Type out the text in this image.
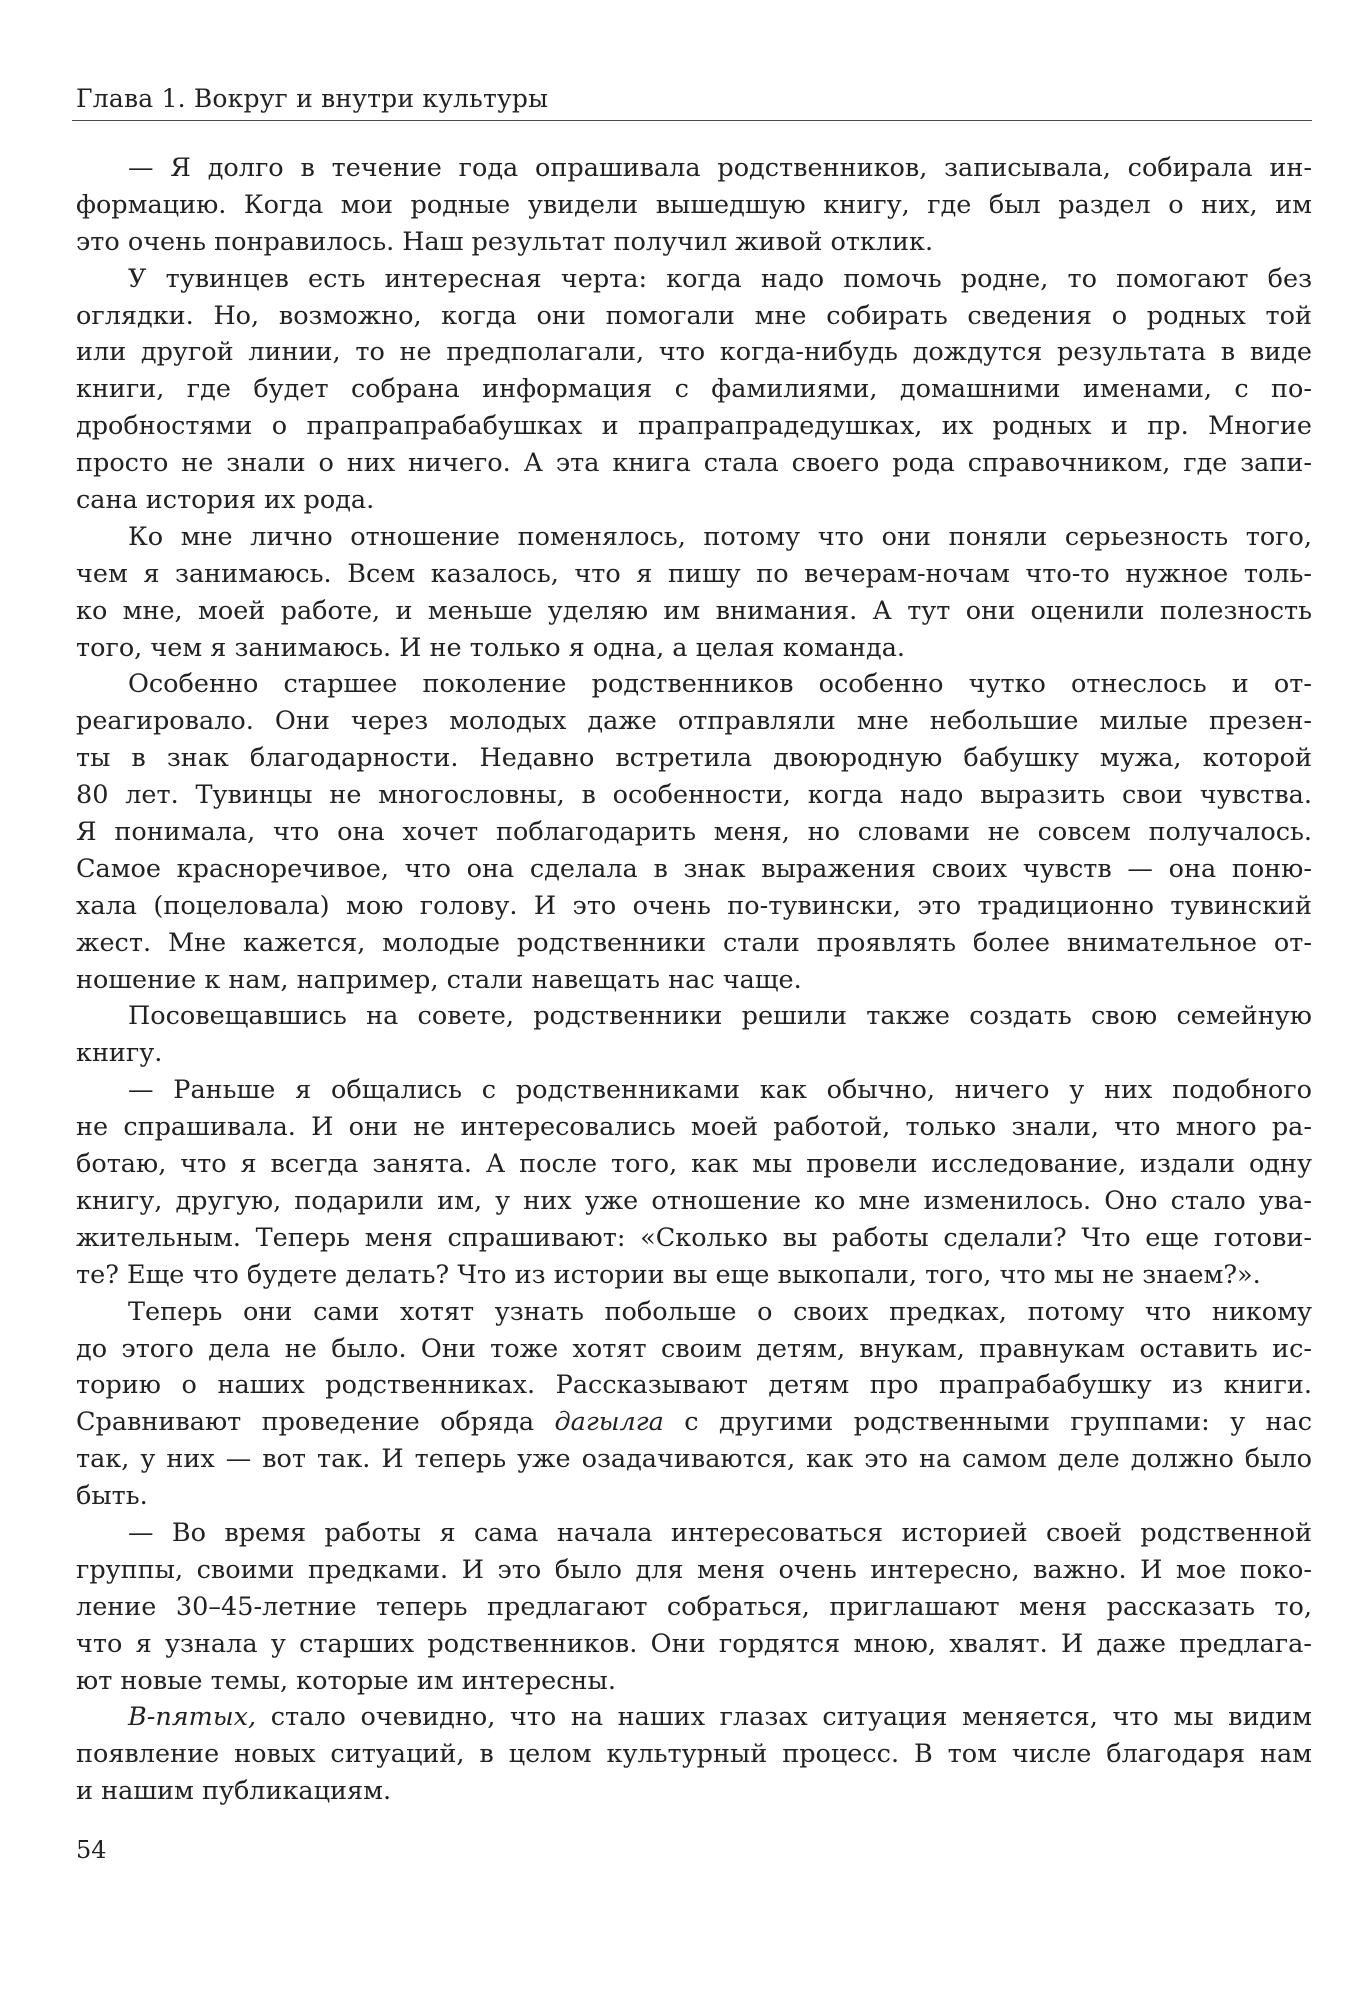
Глава 1. Вокруг и внутри культуры
— Я долго в течение года опрашивала родственников, записывала, собирала ин-
формацию. Когда мои родные увидели вышедшую книгу, где был раздел о них, им
это очень понравилось. Наш результат получил живой отклик.
У тувинцев есть интересная черта: когда надо помочь родне, то помогают без
оглядки. Но, возможно, когда они помогали мне собирать сведения о родных той
или другой линии, то не предполагали, что когда-нибудь дождутся результата в виде
книги, где будет собрана информация с фамилиями, домашними именами, с по-
дробностями о прапрапрабабушках и прапрапрадедушках, их родных и пр. Многие
просто не знали о них ничего. А эта книга стала своего рода справочником, где запи-
сана история их рода.
Ко мне лично отношение поменялось, потому что они поняли серьезность того,
чем я занимаюсь. Всем казалось, что я пишу по вечерам-ночам что-то нужное толь-
ко мне, моей работе, и меньше уделяю им внимания. А тут они оценили полезность
того, чем я занимаюсь. И не только я одна, а целая команда.
Особенно старшее поколение родственников особенно чутко отнеслось и от-
реагировало. Они через молодых даже отправляли мне небольшие милые презен-
ты в знак благодарности. Недавно встретила двоюродную бабушку мужа, которой
80 лет. Тувинцы не многословны, в особенности, когда надо выразить свои чувства.
Я понимала, что она хочет поблагодарить меня, но словами не совсем получалось.
Самое красноречивое, что она сделала в знак выражения своих чувств — она поню-
хала (поцеловала) мою голову. И это очень по-тувински, это традиционно тувинский
жест. Мне кажется, молодые родственники стали проявлять более внимательное от-
ношение к нам, например, стали навещать нас чаще.
Посовещавшись на совете, родственники решили также создать свою семейную
книгу.
— Раньше я общались с родственниками как обычно, ничего у них подобного
не спрашивала. И они не интересовались моей работой, только знали, что много ра-
ботаю, что я всегда занята. А после того, как мы провели исследование, издали одну
книгу, другую, подарили им, у них уже отношение ко мне изменилось. Оно стало ува-
жительным. Теперь меня спрашивают: «Сколько вы работы сделали? Что еще готови-
те? Еще что будете делать? Что из истории вы еще выкопали, того, что мы не знаем?».
Теперь они сами хотят узнать побольше о своих предках, потому что никому
до этого дела не было. Они тоже хотят своим детям, внукам, правнукам оставить ис-
торию о наших родственниках. Рассказывают детям про прапрабабушку из книги.
Сравнивают проведение обряда дагылга с другими родственными группами: у нас
так, у них — вот так. И теперь уже озадачиваются, как это на самом деле должно было
быть.
— Во время работы я сама начала интересоваться историей своей родственной
группы, своими предками. И это было для меня очень интересно, важно. И мое поко-
ление 30–45-летние теперь предлагают собраться, приглашают меня рассказать то,
что я узнала у старших родственников. Они гордятся мною, хвалят. И даже предлага-
ют новые темы, которые им интересны.
В-пятых, стало очевидно, что на наших глазах ситуация меняется, что мы видим
появление новых ситуаций, в целом культурный процесс. В том числе благодаря нам
и нашим публикациям.
54
